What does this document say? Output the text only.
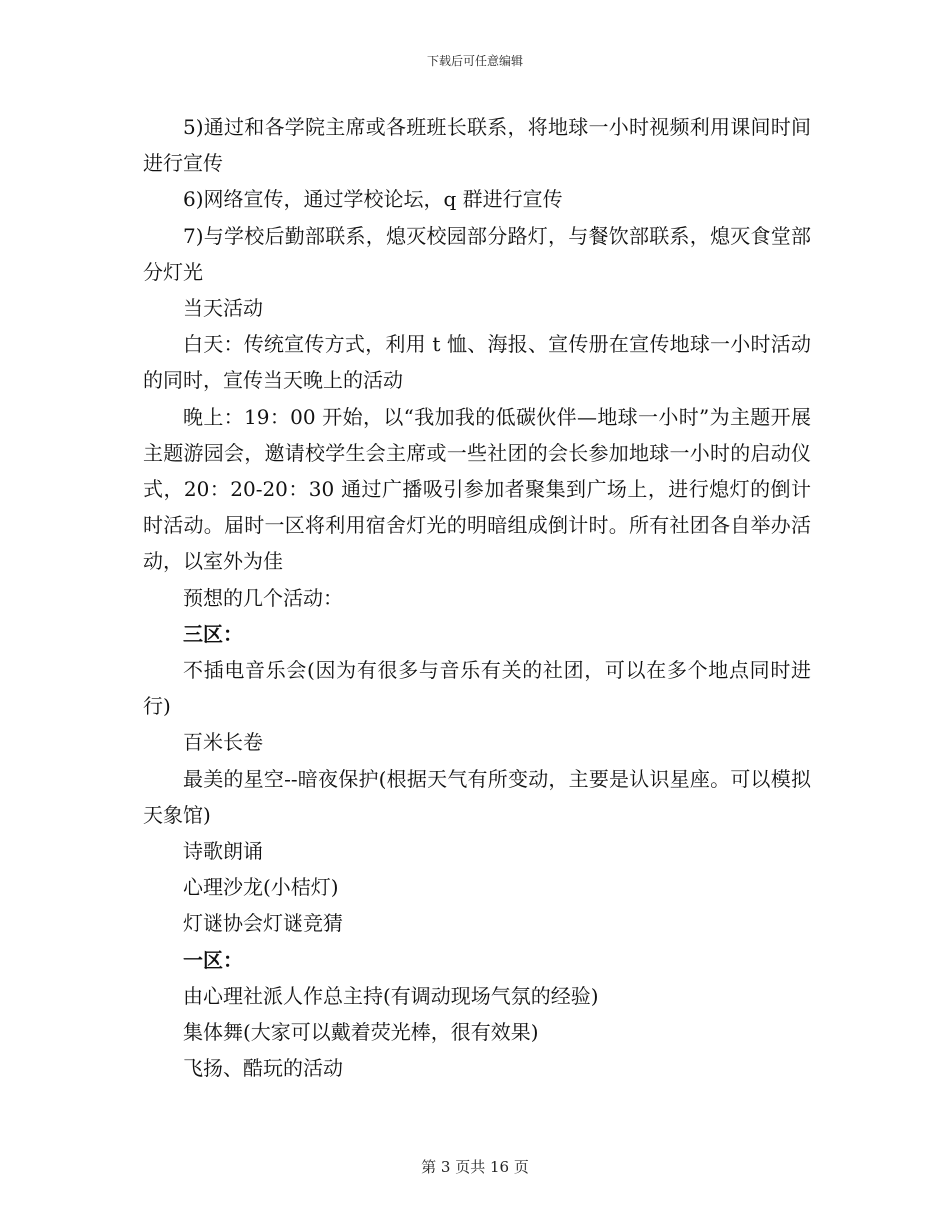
下载后可任意编辑

5)通过和各学院主席或各班班长联系，将地球一小时视频利用课间时间进行宣传

6)网络宣传，通过学校论坛，q 群进行宣传

7)与学校后勤部联系，熄灭校园部分路灯，与餐饮部联系，熄灭食堂部分灯光

当天活动

白天：传统宣传方式，利用 t 恤、海报、宣传册在宣传地球一小时活动的同时，宣传当天晚上的活动

晚上：19：00 开始，以“我加我的低碳伙伴—地球一小时”为主题开展主题游园会，邀请校学生会主席或一些社团的会长参加地球一小时的启动仪式，20：20-20：30 通过广播吸引参加者聚集到广场上，进行熄灯的倒计时活动。届时一区将利用宿舍灯光的明暗组成倒计时。所有社团各自举办活动，以室外为佳

预想的几个活动：

三区：

不插电音乐会(因为有很多与音乐有关的社团，可以在多个地点同时进行)

百米长卷

最美的星空--暗夜保护(根据天气有所变动，主要是认识星座。可以模拟天象馆)

诗歌朗诵

心理沙龙(小桔灯)

灯谜协会灯谜竞猜

一区：

由心理社派人作总主持(有调动现场气氛的经验)

集体舞(大家可以戴着荧光棒，很有效果)

飞扬、酷玩的活动

第 3 页共 16 页
